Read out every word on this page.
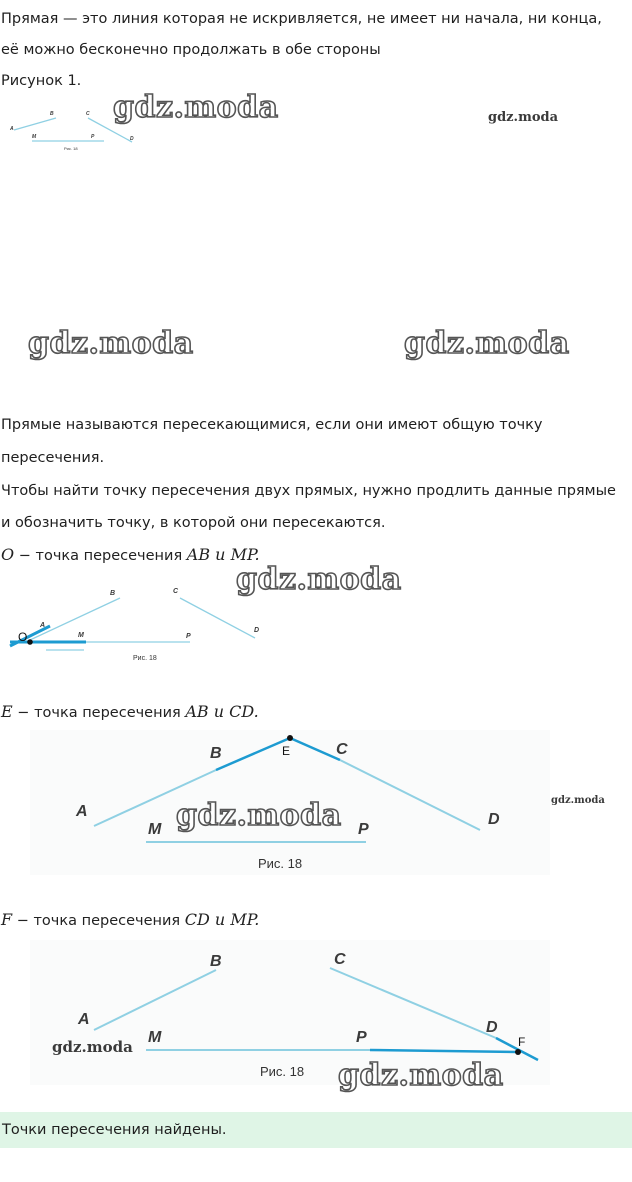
Прямая — это линия которая не искривляется, не имеет ни начала, ни конца,
её можно бесконечно продолжать в обе стороны
Рисунок 1.
A
B	C
D
M	P
Рис. 18
gdz.moda	gdz.moda
gdz.moda	gdz.moda
Прямые называются пересекающимися, если они имеют общую точку
пересечения.
Чтобы найти точку пересечения двух прямых, нужно продлить данные прямые
и обозначить точку, в которой они пересекаются.
O − точка пересечения AB и MP.
gdz.moda
O
A
B	C
D
M	P
Рис. 18
E − точка пересечения AB и CD.
E
A
B	C
D
M	P
Рис. 18
gdz.moda	gdz.moda
F − точка пересечения CD и MP.
F
A
B	C
D
M	P
Рис. 18
gdz.moda
gdz.moda
Точки пересечения найдены.
